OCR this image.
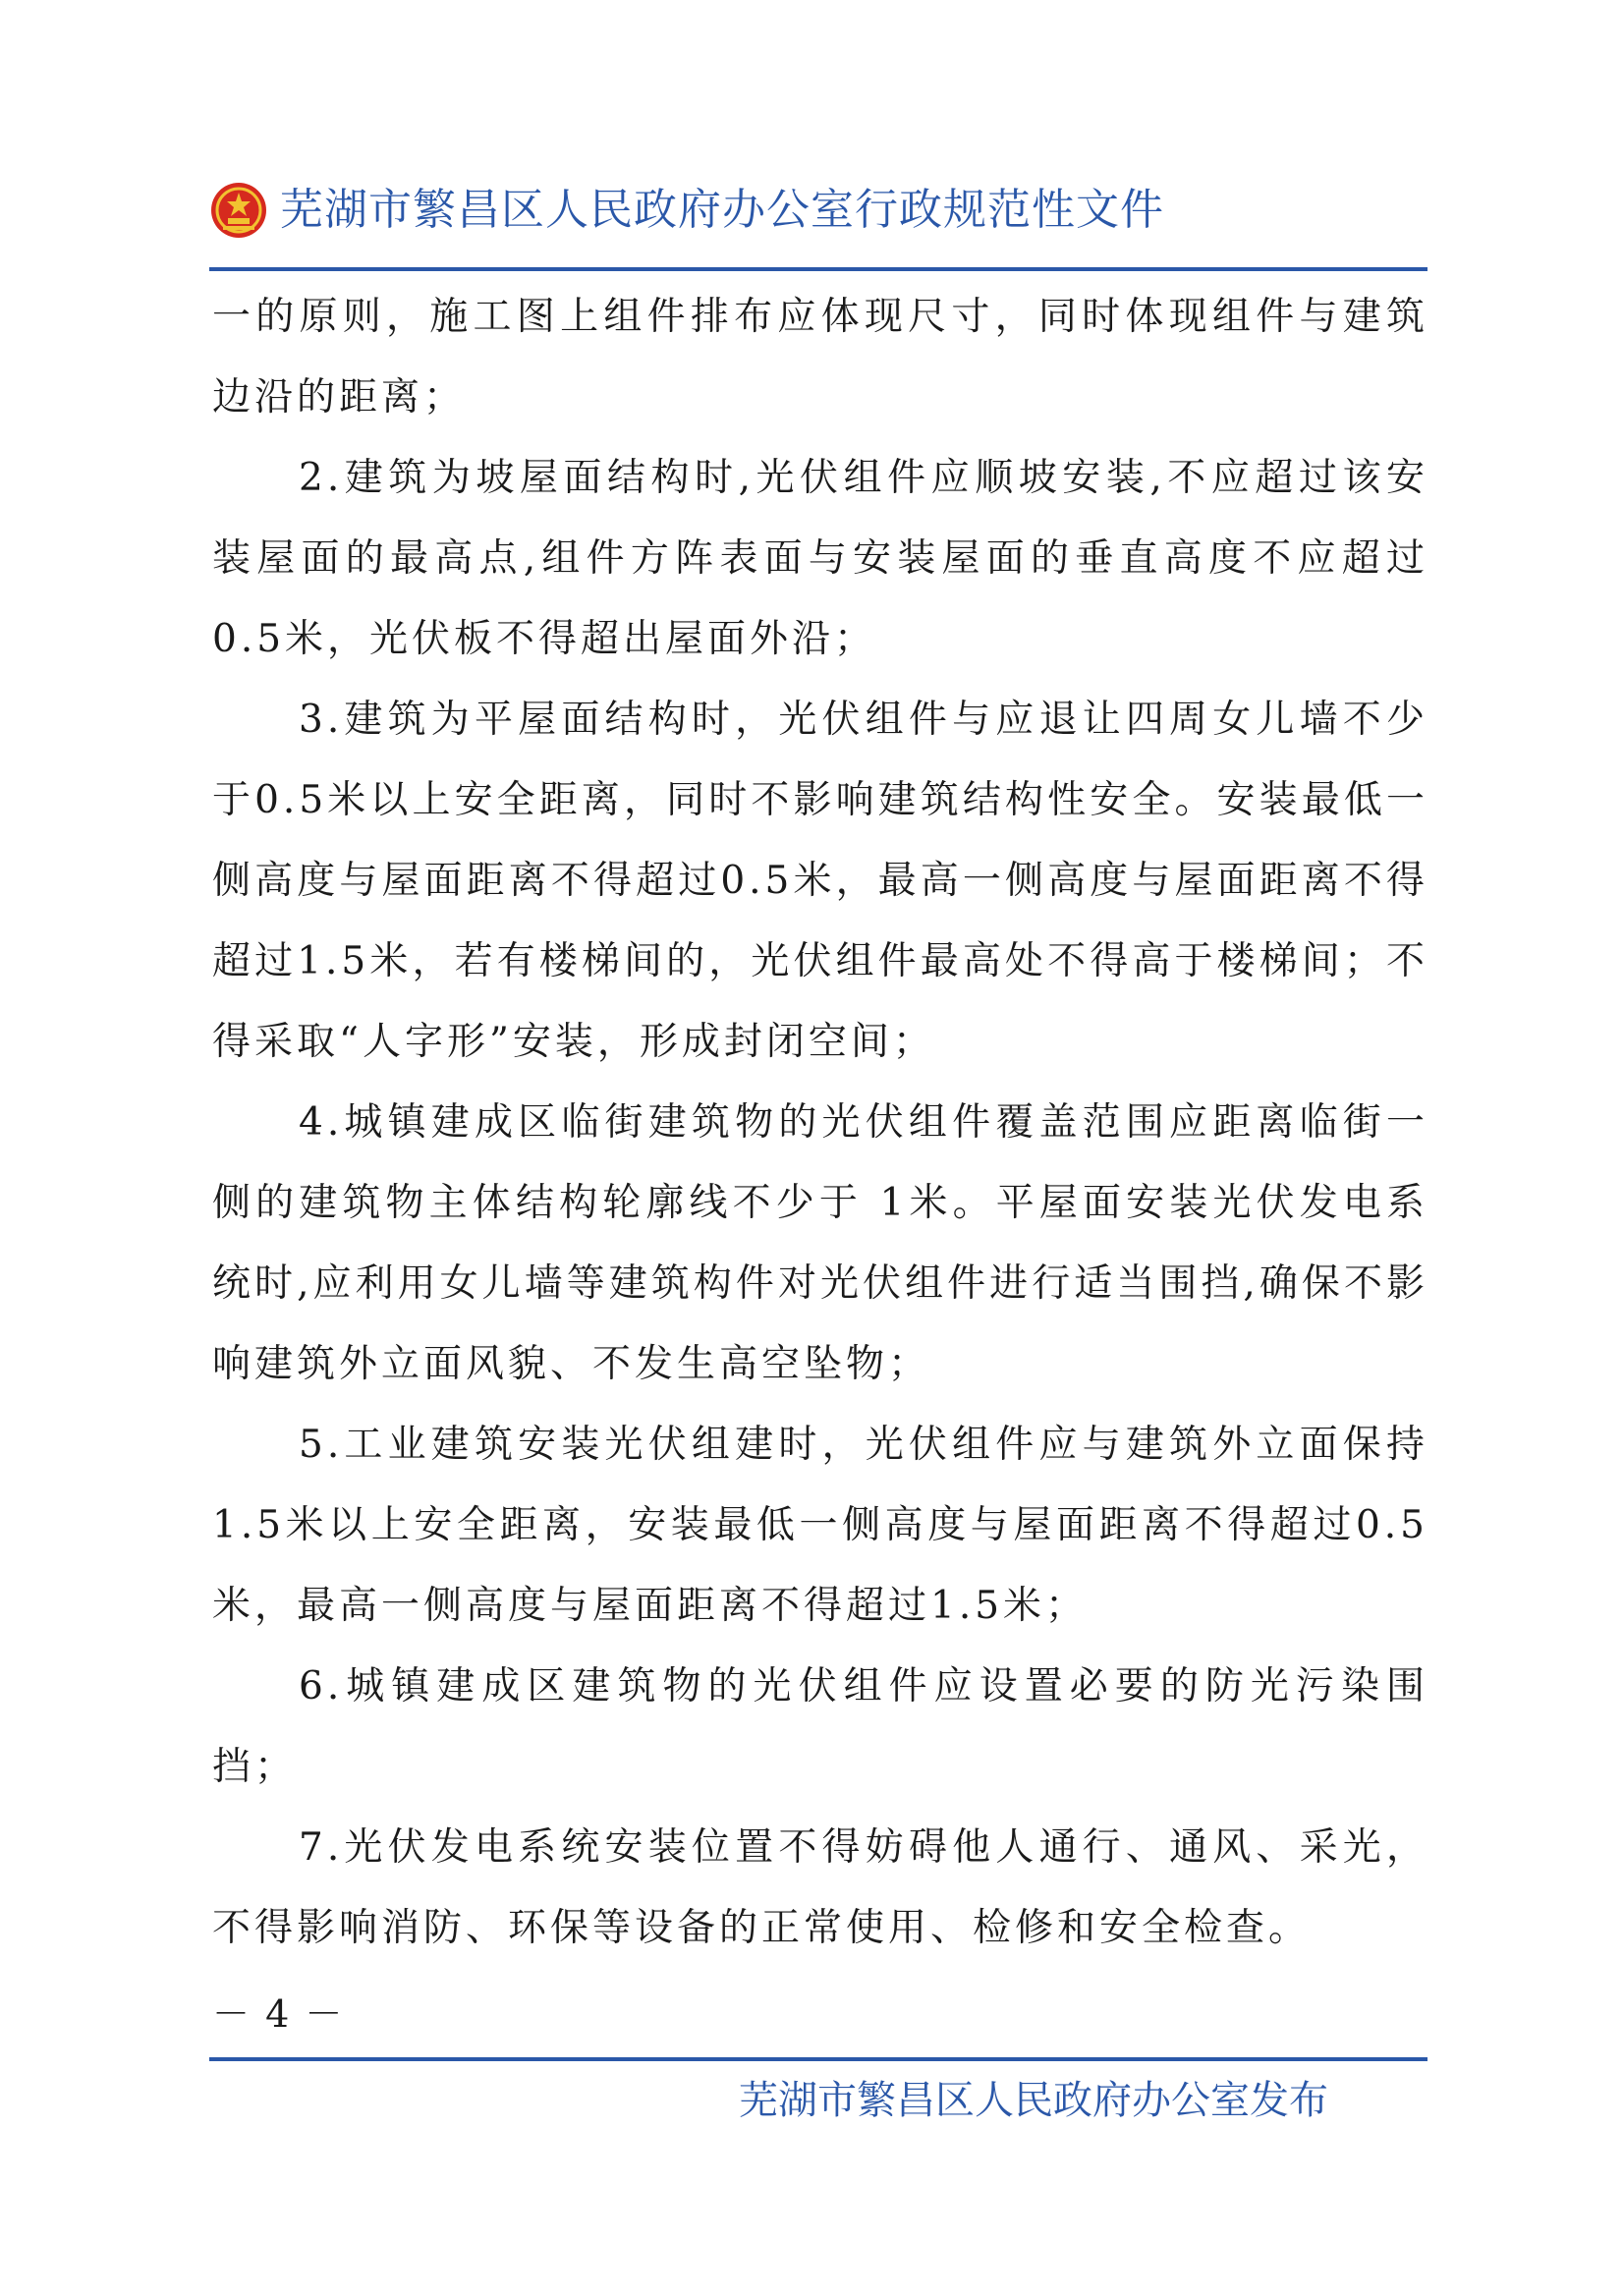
芜湖市繁昌区人民政府办公室行政规范性文件

一的原则，施工图上组件排布应体现尺寸，同时体现组件与建筑边沿的距离；

2.建筑为坡屋面结构时,光伏组件应顺坡安装,不应超过该安装屋面的最高点,组件方阵表面与安装屋面的垂直高度不应超过0.5米，光伏板不得超出屋面外沿；

3.建筑为平屋面结构时，光伏组件与应退让四周女儿墙不少于0.5米以上安全距离，同时不影响建筑结构性安全。安装最低一侧高度与屋面距离不得超过0.5米，最高一侧高度与屋面距离不得超过1.5米，若有楼梯间的，光伏组件最高处不得高于楼梯间；不得采取“人字形”安装，形成封闭空间；

4.城镇建成区临街建筑物的光伏组件覆盖范围应距离临街一侧的建筑物主体结构轮廓线不少于 1米。平屋面安装光伏发电系统时,应利用女儿墙等建筑构件对光伏组件进行适当围挡,确保不影响建筑外立面风貌、不发生高空坠物；

5.工业建筑安装光伏组建时，光伏组件应与建筑外立面保持1.5米以上安全距离，安装最低一侧高度与屋面距离不得超过0.5米，最高一侧高度与屋面距离不得超过1.5米；

6.城镇建成区建筑物的光伏组件应设置必要的防光污染围挡；

7.光伏发电系统安装位置不得妨碍他人通行、通风、采光，不得影响消防、环保等设备的正常使用、检修和安全检查。

－ 4 －
芜湖市繁昌区人民政府办公室发布
